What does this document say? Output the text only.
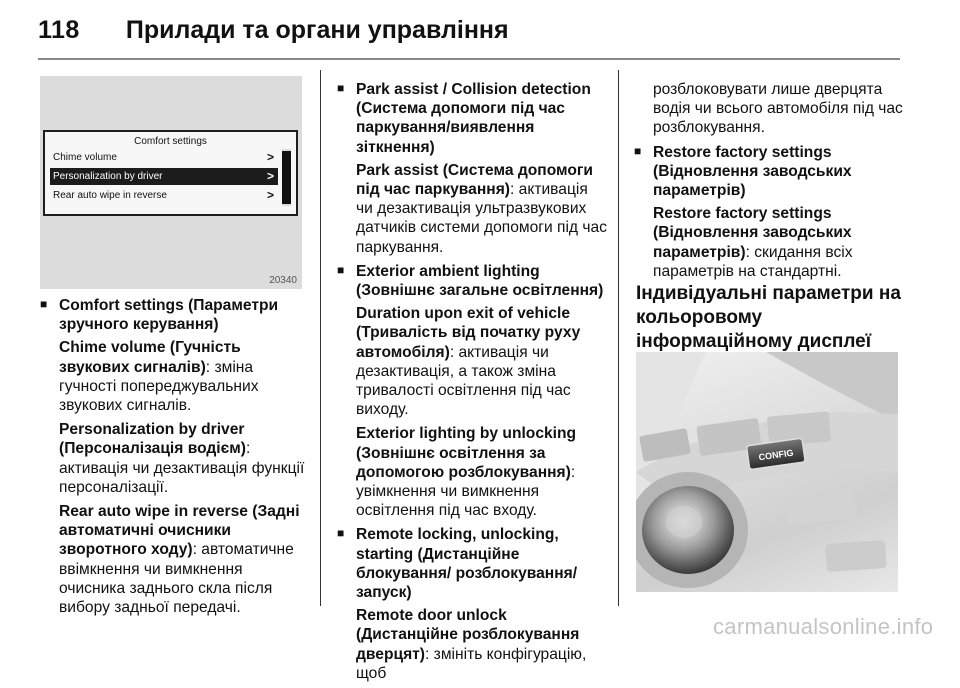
118 Прилади та органи управління
Comfort settings
Chime volume	>
Personalization by driver	>
Rear auto wipe in reverse	>
20340
■ Comfort settings (Параметри зручного керування)

Chime volume (Гучність звукових сигналів): зміна гучності попереджувальних звукових сигналів.

Personalization by driver (Персоналізація водієм): активація чи дезактивація функції персоналізації.

Rear auto wipe in reverse (Задні автоматичні очисники зворотного ходу): автоматичне ввімкнення чи вимкнення очисника заднього скла після вибору задньої передачі.

■ Park assist / Collision detection (Система допомоги під час паркування/виявлення зіткнення)

Park assist (Система допомоги під час паркування): активація чи дезактивація ультразвукових датчиків системи допомоги під час паркування.

■ Exterior ambient lighting (Зовнішнє загальне освітлення)

Duration upon exit of vehicle (Тривалість від початку руху автомобіля): активація чи дезактивація, а також зміна тривалості освітлення під час виходу.

Exterior lighting by unlocking (Зовнішнє освітлення за допомогою розблокування): увімкнення чи вимкнення освітлення під час входу.

■ Remote locking, unlocking, starting (Дистанційне блокування/ розблокування/запуск)

Remote door unlock (Дистанційне розблокування дверцят): змініть конфігурацію, щоб

розблоковувати лише дверцята водія чи всього автомобіля під час розблокування.

■ Restore factory settings (Відновлення заводських параметрів)

Restore factory settings (Відновлення заводських параметрів): скидання всіх параметрів на стандартні.

Індивідуальні параметри на кольоровому інформаційному дисплеї
CONFIG
carmanualsonline.info
